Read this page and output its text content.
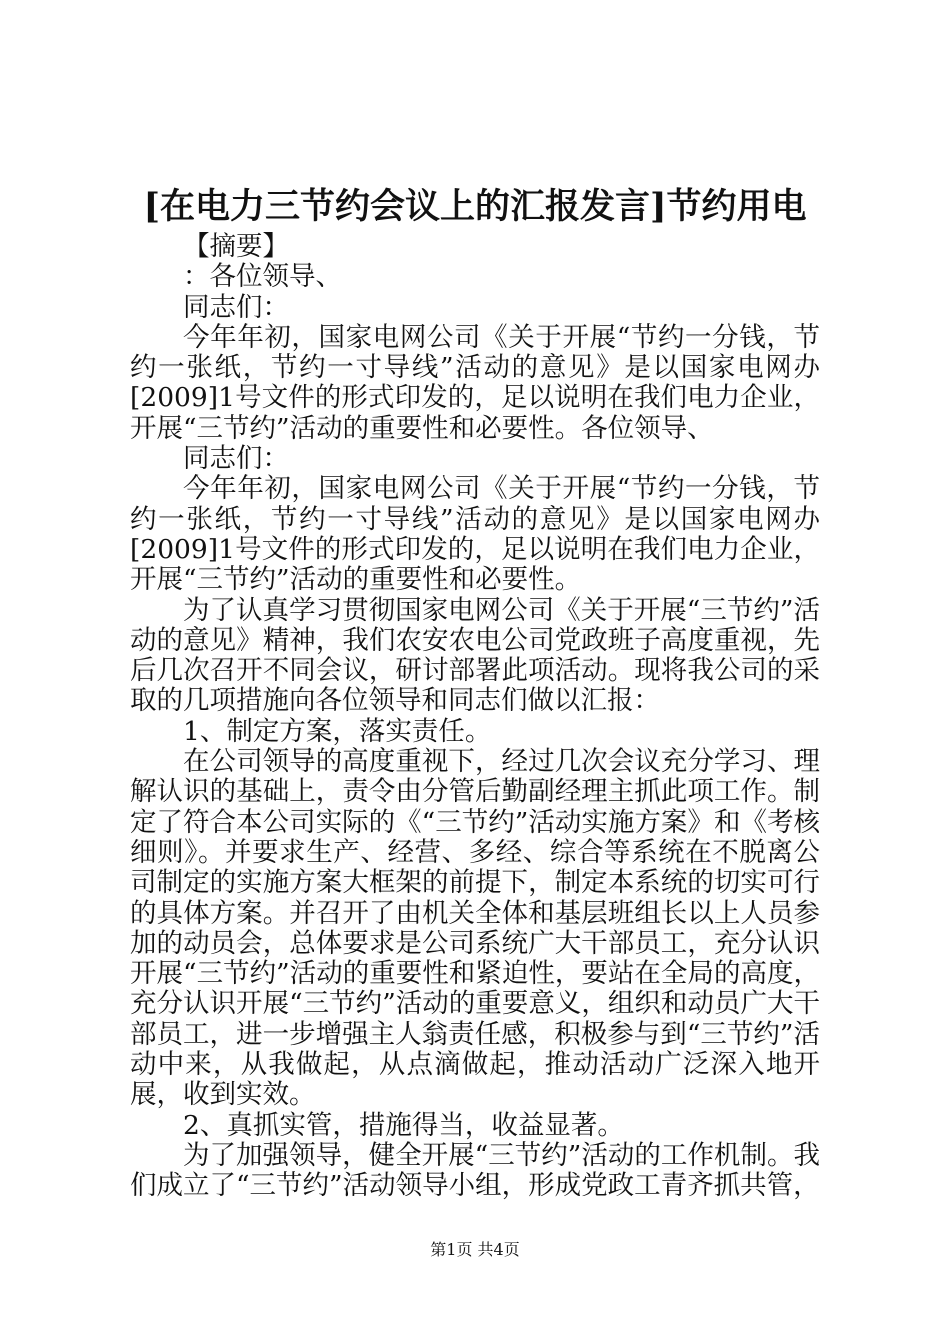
[在电力三节约会议上的汇报发言]节约用电

【摘要】

：各位领导、

同志们：

今年年初，国家电网公司《关于开展“节约一分钱，节约一张纸，节约一寸导线”活动的意见》是以国家电网办[2009]1号文件的形式印发的，足以说明在我们电力企业，开展“三节约”活动的重要性和必要性。各位领导、

同志们：

今年年初，国家电网公司《关于开展“节约一分钱，节约一张纸，节约一寸导线”活动的意见》是以国家电网办[2009]1号文件的形式印发的，足以说明在我们电力企业，开展“三节约”活动的重要性和必要性。

为了认真学习贯彻国家电网公司《关于开展“三节约”活动的意见》精神，我们农安农电公司党政班子高度重视，先后几次召开不同会议，研讨部署此项活动。现将我公司的采取的几项措施向各位领导和同志们做以汇报：

1、制定方案，落实责任。

在公司领导的高度重视下，经过几次会议充分学习、理解认识的基础上，责令由分管后勤副经理主抓此项工作。制定了符合本公司实际的《“三节约”活动实施方案》和《考核细则》。并要求生产、经营、多经、综合等系统在不脱离公司制定的实施方案大框架的前提下，制定本系统的切实可行的具体方案。并召开了由机关全体和基层班组长以上人员参加的动员会，总体要求是公司系统广大干部员工，充分认识开展“三节约”活动的重要性和紧迫性，要站在全局的高度，充分认识开展“三节约”活动的重要意义，组织和动员广大干部员工，进一步增强主人翁责任感，积极参与到“三节约”活动中来，从我做起，从点滴做起，推动活动广泛深入地开展，收到实效。

2、真抓实管，措施得当，收益显著。

为了加强领导，健全开展“三节约”活动的工作机制。我们成立了“三节约”活动领导小组，形成党政工青齐抓共管，

第1页 共4页
